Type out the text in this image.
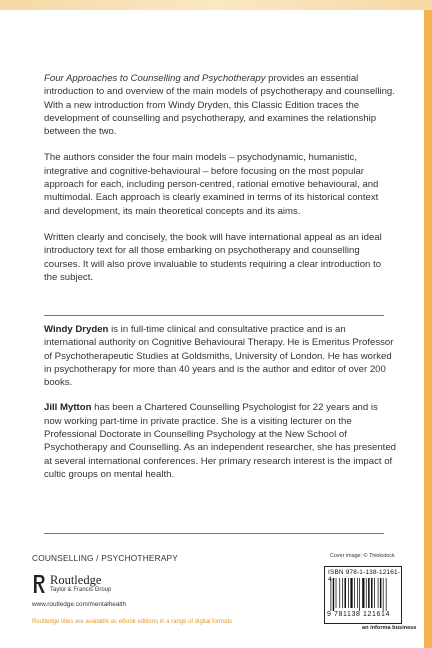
Four Approaches to Counselling and Psychotherapy provides an essential introduction to and overview of the main models of psychotherapy and counselling. With a new introduction from Windy Dryden, this Classic Edition traces the development of counselling and psychotherapy, and examines the relationship between the two.

The authors consider the four main models – psychodynamic, humanistic, integrative and cognitive-behavioural – before focusing on the most popular approach for each, including person-centred, rational emotive behavioural, and multimodal. Each approach is clearly examined in terms of its historical context and development, its main theoretical concepts and its aims.

Written clearly and concisely, the book will have international appeal as an ideal introductory text for all those embarking on psychotherapy and counselling courses. It will also prove invaluable to students requiring a clear introduction to the subject.

Windy Dryden is in full-time clinical and consultative practice and is an international authority on Cognitive Behavioural Therapy. He is Emeritus Professor of Psychotherapeutic Studies at Goldsmiths, University of London. He has worked in psychotherapy for more than 40 years and is the author and editor of over 200 books.

Jill Mytton has been a Chartered Counselling Psychologist for 22 years and is now working part-time in private practice. She is a visiting lecturer on the Professional Doctorate in Counselling Psychology at the New School of Psychotherapy and Counselling. As an independent researcher, she has presented at several international conferences. Her primary research interest is the impact of cultic groups on mental health.

COUNSELLING / PSYCHOTHERAPY
Routledge
Taylor & Francis Group
www.routledge.com/mentalhealth
Routledge titles are available as eBook editions in a range of digital formats
Cover image: © Thinkstock
ISBN 978-1-138-12161-4
9 781138 121614
an informa business
